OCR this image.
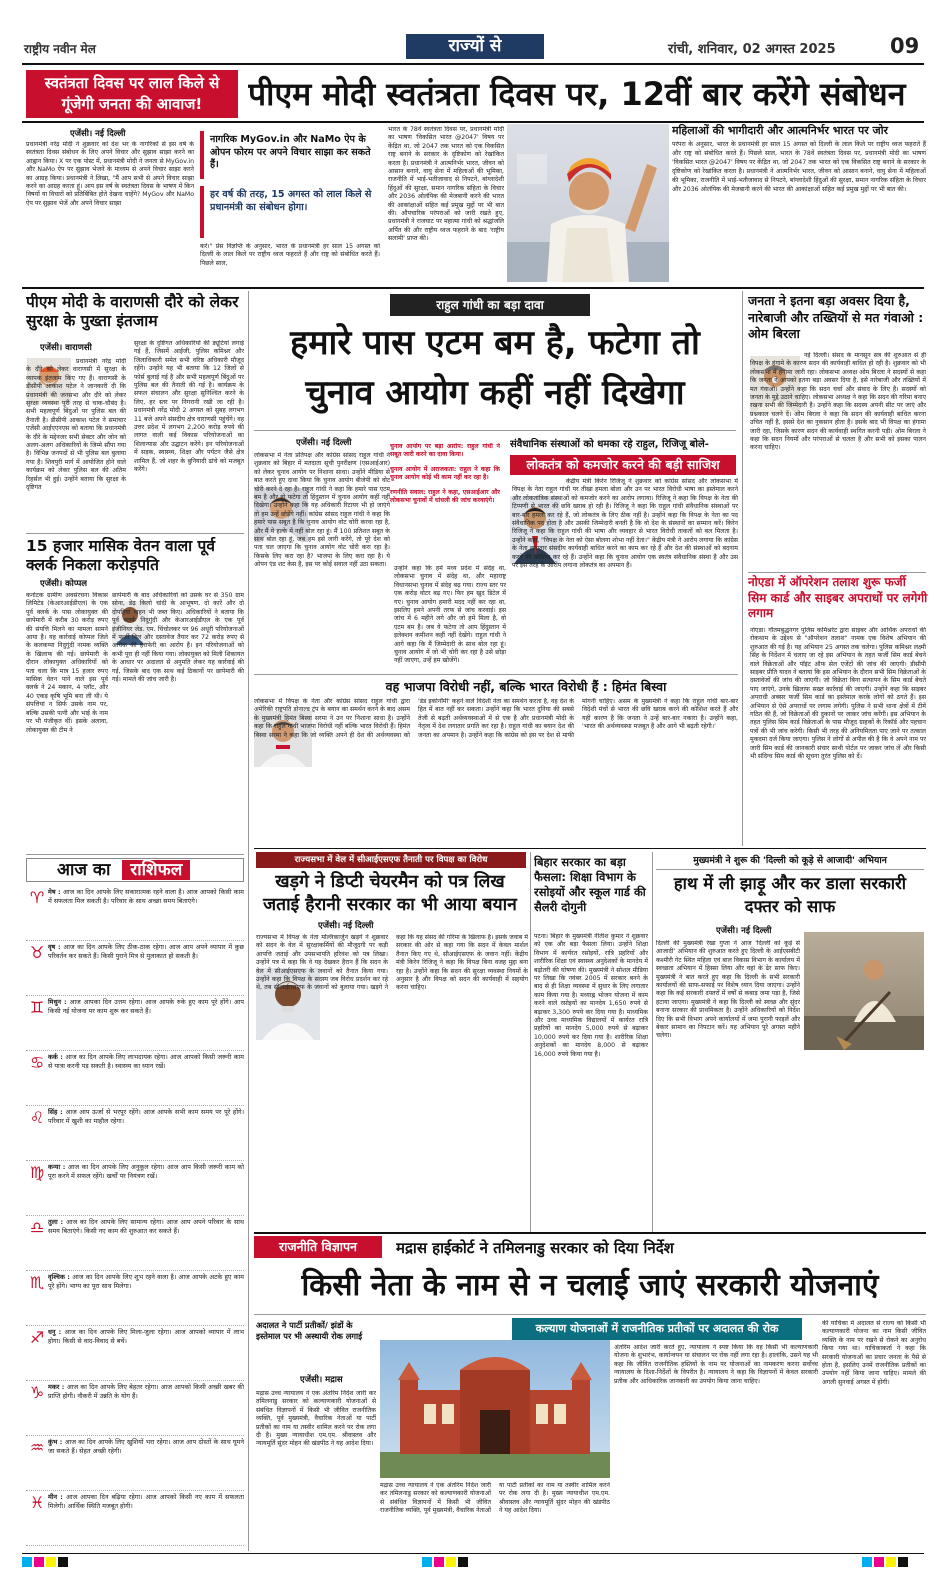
राष्ट्रीय नवीन मेल	राज्यों से	रांची, शनिवार, 02 अगस्त 2025	09
स्वतंत्रता दिवस पर लाल किले से गूंजेगी जनता की आवाज!	पीएम मोदी स्वतंत्रता दिवस पर, 12वीं बार करेंगे संबोधन
एजेंसी। नई दिल्ली
प्रधानमंत्री नरेंद्र मोदी ने शुक्रवार को देश भर के नागरिकों से इस वर्ष के स्वतंत्रता दिवस संबोधन के लिए अपने विचार और सुझाव साझा करने का आह्वान किया। X पर एक पोस्ट में, प्रधानमंत्री मोदी ने जनता से MyGov.in और NaMo ऐप पर सुझाव भेजने के माध्यम से अपने विचार साझा करने का आग्रह किया। प्रधानमंत्री ने लिखा, "मैं आप सभी से अपने विचार साझा करने का आग्रह करता हूं। आप इस वर्ष के स्वतंत्रता दिवस के भाषण में किन विषयों या विचारों को प्रतिबिंबित होते देखना चाहेंगे? MyGov और NaMo ऐप पर सुझाव भेजें और अपने विचार साझा
नागरिक MyGov.in और NaMo ऐप के ओपन फोरम पर अपने विचार साझा कर सकते हैं।
हर वर्ष की तरह, 15 अगस्त को लाल किले से प्रधानमंत्री का संबोधन होगा।
करें।" प्रेस विज्ञप्ति के अनुसार, भारत के प्रधानमंत्री हर साल 15 अगस्त को दिल्ली के लाल किले पर राष्ट्रीय ध्वज फहराते हैं और राष्ट्र को संबोधित करते हैं। पिछले साल,
भारत के 78वें स्वतंत्रता दिवस पर, प्रधानमंत्री मोदी का भाषण 'विकसित भारत @2047' विषय पर केंद्रित था, जो 2047 तक भारत को एक विकसित राष्ट्र बनाने के सरकार के दृष्टिकोण को रेखांकित करता है। प्रधानमंत्री ने आत्मनिर्भर भारत, जीवन को आसान बनाने, वायु सेना में महिलाओं की भूमिका, राजनीति में भाई-भतीजावाद से निपटने, बांग्लादेशी हिंदुओं की सुरक्षा, समान नागरिक संहिता के विचार और 2036 ओलंपिक की मेजबानी करने की भारत की आकांक्षाओं सहित कई प्रमुख मुद्दों पर भी बात की। औपचारिक परंपराओं को जारी रखते हुए, प्रधानमंत्री ने राजघाट पर महात्मा गांधी को श्रद्धांजलि अर्पित की और राष्ट्रीय ध्वज फहराने के बाद 'राष्ट्रीय सलामी' प्राप्त की।
महिलाओं की भागीदारी और आत्मनिर्भर भारत पर जोर
परंपरा के अनुसार, भारत के प्रधानमंत्री हर साल 15 अगस्त को दिल्ली के लाल किले पर राष्ट्रीय ध्वज फहराते हैं और राष्ट्र को संबोधित करते हैं। पिछले साल, भारत के 78वें स्वतंत्रता दिवस पर, प्रधानमंत्री मोदी का भाषण 'विकसित भारत @2047' विषय पर केंद्रित था, जो 2047 तक भारत को एक विकसित राष्ट्र बनाने के सरकार के दृष्टिकोण को रेखांकित करता है। प्रधानमंत्री ने आत्मनिर्भर भारत, जीवन को आसान बनाने, वायु सेना में महिलाओं की भूमिका, राजनीति में भाई-भतीजावाद से निपटने, बांग्लादेशी हिंदुओं की सुरक्षा, समान नागरिक संहिता के विचार और 2036 ओलंपिक की मेजबानी करने की भारत की आकांक्षाओं सहित कई प्रमुख मुद्दों पर भी बात की।
पीएम मोदी के वाराणसी दौरे को लेकर सुरक्षा के पुख्ता इंतजाम
एजेंसी। वाराणसी
प्रधानमंत्री नरेंद्र मोदी के दौरे को लेकर वाराणसी में सुरक्षा के व्यापक इंतजाम किए गए हैं। वाराणसी के डीसीपी आकाश पटेल ने जानकारी दी कि प्रधानमंत्री की जनसभा और दौरे को लेकर सुरक्षा व्यवस्था पूरी तरह से चाक-चौबंद है। सभी महत्वपूर्ण बिंदुओं पर पुलिस बल की तैनाती है। डीसीपी आकाश पटेल ने समाचार एजेंसी आईएएनएस को बताया कि प्रधानमंत्री के दौरे के मद्देनजर सभी सेक्टर और जोन को अलग-अलग अधिकारियों के जिम्मे सौंपा गया है। विभिन्न जनपदों से भी पुलिस बल बुलाया गया है। शिवपुरी मार्ग में आयोजित होने वाले कार्यक्रम को लेकर पुलिस बल की अतिम रिहर्सल भी हुई। उन्होंने बताया कि सुरक्षा के दृष्टिगत
सुरक्षा के दृष्टिगत अधिकारियों की ड्यूटियां लगाई गई हैं, जिसमें आईजी, पुलिस कमिश्नर और जिलाधिकारी समेत सभी वरिष्ठ अधिकारी मौजूद रहेंगे। उन्होंने यह भी बताया कि 12 जिलों से फोर्स बुलाई गई है और सभी महत्वपूर्ण बिंदुओं पर पुलिस बल की तैनाती की गई है। कार्यक्रम के सफल संचालन और सुरक्षा सुनिश्चित करने के लिए, हर स्तर पर निगरानी रखी जा रही है। प्रधानमंत्री नरेंद्र मोदी 2 अगस्त को सुबह लगभग 11 बजे अपने संसदीय क्षेत्र वाराणसी पहुंचेंगे। वह उत्तर प्रदेश में लगभग 2,200 करोड़ रुपये की लागत वाली कई विकास परियोजनाओं का शिलान्यास और उद्घाटन करेंगे। इन परियोजनाओं में सड़क, स्वास्थ्य, शिक्षा और पर्यटन जैसे क्षेत्र शामिल हैं, जो शहर के बुनियादी ढांचे को मजबूत करेंगे।
15 हजार मासिक वेतन वाला पूर्व क्लर्क निकला करोड़पति
एजेंसी। कोप्पल
कर्नाटक ग्रामीण अवसंरचना विकास लिमिटेड (केआरआईडीएल) के एक पूर्व क्लर्क के पास लोकायुक्त की छापेमारी में करीब 30 करोड़ रुपए की संपत्ति मिलने का मामला सामने आया है। यह कार्रवाई कोप्पल जिले के कलकप्पा निदुगुंदी नामक व्यक्ति के खिलाफ की गई। छापेमारी के दौरान लोकायुक्त अधिकारियों को पता चला कि मात्र 15 हजार रुपए मासिक वेतन पाने वाले इस पूर्व क्लर्क ने 24 मकान, 4 प्लॉट, और 40 एकड़ कृषि भूमि बना ली थी। ये संपत्तियां न सिर्फ उसके नाम पर, बल्कि उसकी पत्नी और भाई के नाम पर भी पंजीकृत थीं। इसके अलावा, लोकायुक्त की टीम ने
छापेमारी के बाद अधिकारियों को उसके घर से 350 ग्राम सोना, डेढ़ किलो चांदी के आभूषण, दो कारें और दो दोपहिया वाहन भी जब्त किए। अधिकारियों ने बताया कि पूर्व क्लर्क निदुगुंदी और केआरआईडीएल के एक पूर्व इंजीनियर जेड. एम. चिंचोलकर पर 96 अधूरी परियोजनाओं में फर्जी बिल और दस्तावेज तैयार कर 72 करोड़ रुपए से अधिक की हेराफेरी का आरोप है। इन परियोजनाओं को कभी पूरा ही नहीं किया गया। लोकायुक्त को मिली शिकायत के आधार पर अदालत से अनुमति लेकर यह कार्रवाई की गई, जिसके बाद एक साथ कई ठिकानों पर छापेमारी की गई। मामले की जांच जारी है।
आज का राशिफल
♈ मेष : आज का दिन आपके लिए सकारात्मक रहने वाला है। आज आपको किसी काम में सफलता मिल सकती है। परिवार के साथ अच्छा समय बिताएंगे।
♉ वृष : आज का दिन आपके लिए ठीक-ठाक रहेगा। आज आप अपने व्यापार में कुछ परिवर्तन कर सकते हैं। किसी पुराने मित्र से मुलाकात हो सकती है।
♊ मिथुन : आज आपका दिन उत्तम रहेगा। आज आपके रुके हुए काम पूरे होंगे। आप किसी नई योजना पर काम शुरू कर सकते हैं।
♋ कर्क : आज का दिन आपके लिए लाभदायक रहेगा। आज आपको किसी जरूरी काम से यात्रा करनी पड़ सकती है। स्वास्थ्य का ध्यान रखें।
♌ सिंह : आज आप ऊर्जा से भरपूर रहेंगे। आज आपके सभी काम समय पर पूरे होंगे। परिवार में खुशी का माहौल रहेगा।
♍ कन्या : आज का दिन आपके लिए अनुकूल रहेगा। आज आप किसी जरूरी काम को पूरा करने में सफल रहेंगे। खर्चों पर नियंत्रण रखें।
♎ तुला : आज का दिन आपके लिए सामान्य रहेगा। आज आप अपने परिवार के साथ समय बिताएंगे। किसी नए काम की शुरुआत कर सकते हैं।
♏ वृश्चिक : आज का दिन आपके लिए शुभ रहने वाला है। आज आपके अटके हुए काम पूरे होंगे। भाग्य का पूरा साथ मिलेगा।
♐ धनु : आज का दिन आपके लिए मिला-जुला रहेगा। आज आपको व्यापार में लाभ होगा। किसी से वाद-विवाद से बचें।
♑ मकर : आज का दिन आपके लिए बेहतर रहेगा। आज आपको किसी अच्छी खबर की प्राप्ति होगी। नौकरी में उन्नति के योग हैं।
♒ कुंभ : आज का दिन आपके लिए खुशियों भरा रहेगा। आज आप दोस्तों के साथ घूमने जा सकते हैं। सेहत अच्छी रहेगी।
♓ मीन : आज आपका दिन बढ़िया रहेगा। आज आपको किसी नए काम में सफलता मिलेगी। आर्थिक स्थिति मजबूत होगी।
राहुल गांधी का बड़ा दावा
हमारे पास एटम बम है, फटेगा तो चुनाव आयोग कहीं नहीं दिखेगा
एजेंसी। नई दिल्ली
लोकसभा में नेता प्रतिपक्ष और कांग्रेस सांसद राहुल गांधी ने शुक्रवार को बिहार में मतदाता सूची पुनरीक्षण (एसआईआर) को लेकर चुनाव आयोग पर निशाना साधा। उन्होंने मीडिया से बात करते हुए दावा किया कि चुनाव आयोग बीजेपी को वोट चोरी करने दे रहा है। राहुल गांधी ने कहा कि हमारे पास एटम बम है और वो फटेगा तो हिंदुस्तान में चुनाव आयोग कहीं नहीं दिखेगा। उन्होंने कहा कि यह अधिकारी रिटायर भी हो जाएंगे तो हम उन्हें छोड़ेंगे नहीं। कांग्रेस सांसद राहुल गांधी ने कहा कि हमारे पास सबूत है कि चुनाव आयोग वोट चोरी करवा रहा है, और मैं ये हल्के में नहीं बोल रहा हूं। मैं 100 प्रतिशत सबूत के साथ बोल रहा हूं, जब हम इसे जारी करेंगे, तो पूरे देश को पता चल जाएगा कि चुनाव आयोग वोट चोरी करा रहा है। किसके लिए करा रहा है? भाजपा के लिए करा रहा है। ये ओपन एंड शट केस है, इस पर कोई सवाल नहीं उठा सकता।
चुनाव आयोग पर बड़ा आरोप: राहुल गांधी ने सबूत जारी करने का दावा किया।
चुनाव आयोग में अराजकता: राहुल ने कहा कि चुनाव आयोग कोई भी काम नहीं कर रहा है।
रणनीति सवाल: राहुल ने कहा, एसआईआर और लोकसभा चुनावों में धांधली की जांच करवाएंगे।
उन्होंने कहा कि हमें मध्य प्रदेश में संदेह था, लोकसभा चुनाव में संदेह था, और महाराष्ट्र विधानसभा चुनाव में संदेह बढ़ गया। राज्य स्तर पर एक करोड़ वोटर बढ़ गए। फिर हम खुद डिटेल में गए। चुनाव आयोग हमारी मदद नहीं कर रहा था, इसलिए हमने अपनी तरफ से जांच करवाई। इस जांच में 6 महीने लगे और जो हमें मिला है, वो एटम बम है। जब ये फटेगा तो आप हिंदुस्तान में इलेक्शन कमीशन कहीं नहीं देखेंगे। राहुल गांधी ने आगे कहा कि मैं जिम्मेदारी के साथ बोल रहा हूं। चुनाव आयोग में जो भी चोरी कर रहा है उसे छोड़ा नहीं जाएगा, उन्हें हम खोजेंगे।
संवैधानिक संस्थाओं को धमका रहे राहुल, रिजिजू बोले-
लोकतंत्र को कमजोर करने की बड़ी साजिश
केंद्रीय मंत्री किरेन रिजिजू ने शुक्रवार को कांग्रेस सांसद और लोकसभा में विपक्ष के नेता राहुल गांधी पर तीखा हमला बोला और उन पर भारत विरोधी भाषा का इस्तेमाल करने और लोकतांत्रिक संस्थाओं को कमजोर करने का आरोप लगाया। रिजिजू ने कहा कि विपक्ष के नेता की टिप्पणी से भारत की छवि खराब हो रही है। रिजिजू ने कहा कि राहुल गांधी संवैधानिक संस्थाओं पर बार-बार हमला कर रहे हैं, जो लोकतंत्र के लिए ठीक नहीं है। उन्होंने कहा कि विपक्ष के नेता का पद संवैधानिक पद होता है और उसकी जिम्मेदारी बनती है कि वो देश के संस्थानों का सम्मान करें। किरेन रिजिजू ने कहा कि राहुल गांधी की भाषा और व्यवहार से भारत विरोधी ताकतों को बल मिलता है। उन्होंने कहा, "विपक्ष के नेता को ऐसा बोलना शोभा नहीं देता।" केंद्रीय मंत्री ने आरोप लगाया कि कांग्रेस के नेता लगातार संसदीय कार्यवाही बाधित करने का काम कर रहे हैं और देश की संस्थाओं को बदनाम करने की कोशिश कर रहे हैं। उन्होंने कहा कि चुनाव आयोग एक स्वतंत्र संवैधानिक संस्था है और उस पर इस तरह के आरोप लगाना लोकतंत्र का अपमान है।
वह भाजपा विरोधी नहीं, बल्कि भारत विरोधी हैं : हिमंत बिस्वा
लोकसभा में विपक्ष के नेता और कांग्रेस सांसद राहुल गांधी द्वारा अमेरिकी राष्ट्रपति डोनाल्ड ट्रंप के बयान का समर्थन करने के बाद असम के मुख्यमंत्री हिमंत बिस्वा सरमा ने उन पर निशाना साधा है। उन्होंने कहा कि राहुल गांधी भाजपा विरोधी नहीं बल्कि भारत विरोधी हैं। हिमंत बिस्वा सरमा ने कहा कि जो व्यक्ति अपने ही देश की अर्थव्यवस्था को 'डेड इकोनॉमी' कहने वाले विदेशी नेता का समर्थन करता है, वह देश के हित में बात नहीं कर सकता। उन्होंने कहा कि भारत दुनिया की सबसे तेजी से बढ़ती अर्थव्यवस्थाओं में से एक है और प्रधानमंत्री मोदी के नेतृत्व में देश लगातार प्रगति कर रहा है। राहुल गांधी का बयान देश की जनता का अपमान है। उन्होंने कहा कि कांग्रेस को इस पर देश से माफी मांगनी चाहिए। असम के मुख्यमंत्री ने कहा कि राहुल गांधी बार-बार विदेशी मंचों से भारत की छवि खराब करने की कोशिश करते हैं और यही कारण है कि जनता ने उन्हें बार-बार नकारा है। उन्होंने कहा, 'भारत की अर्थव्यवस्था मजबूत है और आगे भी बढ़ती रहेगी।'
जनता ने इतना बड़ा अवसर दिया है, नारेबाजी और तख्तियों से मत गंवाओ : ओम बिरला
नई दिल्ली। संसद के मानसून सत्र की शुरुआत से ही विपक्ष के हंगामे के कारण सदन की कार्यवाही बाधित हो रही है। शुक्रवार को भी लोकसभा में हंगामा जारी रहा। लोकसभा अध्यक्ष ओम बिरला ने सदस्यों से कहा कि जनता ने आपको इतना बड़ा अवसर दिया है, इसे नारेबाजी और तख्तियों में मत गंवाओ। उन्होंने कहा कि सदन चर्चा और संवाद के लिए है। सदस्यों को जनता के मुद्दे उठाने चाहिए। लोकसभा अध्यक्ष ने कहा कि सदन की गरिमा बनाए रखना सभी की जिम्मेदारी है। उन्होंने कहा कि सदस्य अपनी सीट पर जाएं और प्रश्नकाल चलने दें। ओम बिरला ने कहा कि सदन की कार्यवाही बाधित करना उचित नहीं है, इससे देश का नुकसान होता है। इसके बाद भी विपक्ष का हंगामा जारी रहा, जिसके कारण सदन की कार्यवाही स्थगित करनी पड़ी। ओम बिरला ने कहा कि सदन नियमों और परंपराओं से चलता है और सभी को इसका पालन करना चाहिए।
नोएडा में ऑपरेशन तलाश शुरू फर्जी सिम कार्ड और साइबर अपराधों पर लगेगी लगाम
नोएडा। गौतमबुद्धनगर पुलिस कमिश्नरेट द्वारा साइबर और आर्थिक अपराधों की रोकथाम के उद्देश्य से "ऑपरेशन तलाश" नामक एक विशेष अभियान की शुरुआत की गई है। यह अभियान 25 अगस्त तक चलेगा। पुलिस कमिश्नर लक्ष्मी सिंह के निर्देशन में चलाए जा रहे इस अभियान के तहत फर्जी सिम कार्ड बेचने वाले विक्रेताओं और पॉइंट ऑफ सेल एजेंटों की जांच की जाएगी। डीसीपी साइबर प्रीति यादव ने बताया कि इस अभियान के दौरान सभी सिम विक्रेताओं के दस्तावेजों की जांच की जाएगी। जो विक्रेता बिना सत्यापन के सिम कार्ड बेचते पाए जाएंगे, उनके खिलाफ सख्त कार्रवाई की जाएगी। उन्होंने कहा कि साइबर अपराधी अक्सर फर्जी सिम कार्ड का इस्तेमाल करके लोगों को ठगते हैं। इस अभियान से ऐसे अपराधों पर लगाम लगेगी। पुलिस ने सभी थाना क्षेत्रों में टीमें गठित की हैं, जो विक्रेताओं की दुकानों पर जाकर जांच करेंगी। इस अभियान के तहत पुलिस सिम कार्ड विक्रेताओं के पास मौजूद ग्राहकों के रिकॉर्ड और पहचान पत्रों की भी जांच करेगी। किसी भी तरह की अनियमितता पाए जाने पर तत्काल मुकदमा दर्ज किया जाएगा। पुलिस ने लोगों से अपील की है कि वे अपने नाम पर जारी सिम कार्ड की जानकारी संचार साथी पोर्टल पर जाकर जांच लें और किसी भी संदिग्ध सिम कार्ड की सूचना तुरंत पुलिस को दें।
राज्यसभा में वेल में सीआईएसएफ तैनाती पर विपक्ष का विरोध
खड़गे ने डिप्टी चेयरमैन को पत्र लिख जताई हैरानी सरकार का भी आया बयान
एजेंसी। नई दिल्ली
राज्यसभा में विपक्ष के नेता मल्लिकार्जुन खड़गे ने शुक्रवार को सदन के वेल में सुरक्षाकर्मियों की मौजूदगी पर कड़ी आपत्ति जताई और उपसभापति हरिवंश को पत्र लिखा। उन्होंने पत्र में कहा कि वे यह देखकर हैरान हैं कि सदन के वेल में सीआईएसएफ के जवानों को तैनात किया गया। उन्होंने कहा कि विपक्ष के सदस्य जब विरोध प्रदर्शन कर रहे थे, तब सीआईएसएफ के जवानों को बुलाया गया। खड़गे ने कहा कि यह संसद की गरिमा के खिलाफ है। इसके जवाब में सरकार की ओर से कहा गया कि सदन में केवल मार्शल तैनात किए गए थे, सीआईएसएफ के जवान नहीं। केंद्रीय मंत्री किरेन रिजिजू ने कहा कि विपक्ष बिना वजह मुद्दा बना रहा है। उन्होंने कहा कि सदन की सुरक्षा व्यवस्था नियमों के अनुसार है और विपक्ष को सदन की कार्यवाही में सहयोग करना चाहिए।
बिहार सरकार का बड़ा फैसला: शिक्षा विभाग के रसोइयों और स्कूल गार्ड की सैलरी दोगुनी
पटना। बिहार के मुख्यमंत्री नीतीश कुमार ने शुक्रवार को एक और बड़ा फैसला लिया। उन्होंने शिक्षा विभाग में कार्यरत रसोइयों, रात्रि प्रहरियों और शारीरिक शिक्षा एवं स्वास्थ्य अनुदेशकों के मानदेय में बढ़ोतरी की घोषणा की। मुख्यमंत्री ने सोशल मीडिया पर लिखा कि नवंबर 2005 में सरकार बनने के बाद से ही शिक्षा व्यवस्था में सुधार के लिए लगातार काम किया गया है। मध्याह्न भोजन योजना में काम करने वाले रसोइयों का मानदेय 1,650 रुपये से बढ़ाकर 3,300 रुपये कर दिया गया है। माध्यमिक और उच्च माध्यमिक विद्यालयों में कार्यरत रात्रि प्रहरियों का मानदेय 5,000 रुपये से बढ़ाकर 10,000 रुपये कर दिया गया है। शारीरिक शिक्षा अनुदेशकों का मानदेय 8,000 से बढ़ाकर 16,000 रुपये किया गया है।
मुख्यमंत्री ने शुरू की 'दिल्ली को कूड़े से आजादी' अभियान
हाथ में ली झाड़ू और कर डाला सरकारी दफ्तर को साफ
एजेंसी। नई दिल्ली
दिल्ली की मुख्यमंत्री रेखा गुप्ता ने आज 'दिल्ली को कूड़े से आजादी' अभियान की शुरुआत करते हुए दिल्ली के आईएसबीटी कश्मीरी गेट स्थित महिला एवं बाल विकास विभाग के कार्यालय में स्वच्छता अभियान में हिस्सा लिया और वहां के ढेर साफ किए। मुख्यमंत्री ने बात करते हुए कहा कि दिल्ली के सभी सरकारी कार्यालयों की साफ-सफाई पर विशेष ध्यान दिया जाएगा। उन्होंने कहा कि कई सरकारी दफ्तरों में वर्षों से कबाड़ जमा पड़ा है, जिसे हटाया जाएगा। मुख्यमंत्री ने कहा कि दिल्ली को स्वच्छ और सुंदर बनाना सरकार की प्राथमिकता है। उन्होंने अधिकारियों को निर्देश दिए कि सभी विभाग अपने कार्यालयों में जमा पुरानी फाइलें और बेकार सामान का निपटान करें। यह अभियान पूरे अगस्त महीने चलेगा।
राजनीति विज्ञापन	मद्रास हाईकोर्ट ने तमिलनाडु सरकार को दिया निर्देश
किसी नेता के नाम से न चलाई जाएं सरकारी योजनाएं
अदालत ने पार्टी प्रतीकों/ झंडों के इस्तेमाल पर भी अस्थायी रोक लगाई
एजेंसी। मद्रास
मद्रास उच्च न्यायालय ने एक अंतरिम निर्देश जारी कर तमिलनाडु सरकार को कल्याणकारी योजनाओं से संबंधित विज्ञापनों में किसी भी जीवित राजनीतिक व्यक्ति, पूर्व मुख्यमंत्री, वैचारिक नेताओं या पार्टी प्रतीकों का नाम या तस्वीर शामिल करने पर रोक लगा दी है। मुख्य न्यायाधीश एम.एम. श्रीवास्तव और न्यायमूर्ति सुंदर मोहन की खंडपीठ ने यह आदेश दिया।
कल्याण योजनाओं में राजनीतिक प्रतीकों पर अदालत की रोक
अंतरिम आदेश जारी करते हुए, न्यायालय ने स्पष्ट किया कि वह किसी भी कल्याणकारी योजना के शुभारंभ, कार्यान्वयन या संचालन पर रोक नहीं लगा रहा है। हालांकि, उसने यह भी कहा कि जीवित राजनीतिक हस्तियों के नाम पर योजनाओं का नामकरण करना सर्वोच्च न्यायालय के दिशा-निर्देशों के विपरीत है। न्यायालय ने कहा कि विज्ञापनों में केवल सरकारी प्रतीक और आधिकारिक जानकारी का उपयोग किया जाना चाहिए।
मद्रास उच्च न्यायालय ने एक अंतरिम निर्देश जारी कर तमिलनाडु सरकार को कल्याणकारी योजनाओं से संबंधित विज्ञापनों में किसी भी जीवित राजनीतिक व्यक्ति, पूर्व मुख्यमंत्री, वैचारिक नेताओं या पार्टी प्रतीकों का नाम या तस्वीर शामिल करने पर रोक लगा दी है। मुख्य न्यायाधीश एम.एम. श्रीवास्तव और न्यायमूर्ति सुंदर मोहन की खंडपीठ ने यह आदेश दिया।
की याचिका में अदालत से राज्य को किसी भी कल्याणकारी योजना का नाम किसी जीवित व्यक्ति के नाम पर रखने से रोकने का अनुरोध किया गया था। याचिकाकर्ता ने कहा कि सरकारी योजनाओं का प्रचार जनता के पैसे से होता है, इसलिए उनमें राजनीतिक प्रतीकों का उपयोग नहीं किया जाना चाहिए। मामले की अगली सुनवाई अगस्त में होगी।
